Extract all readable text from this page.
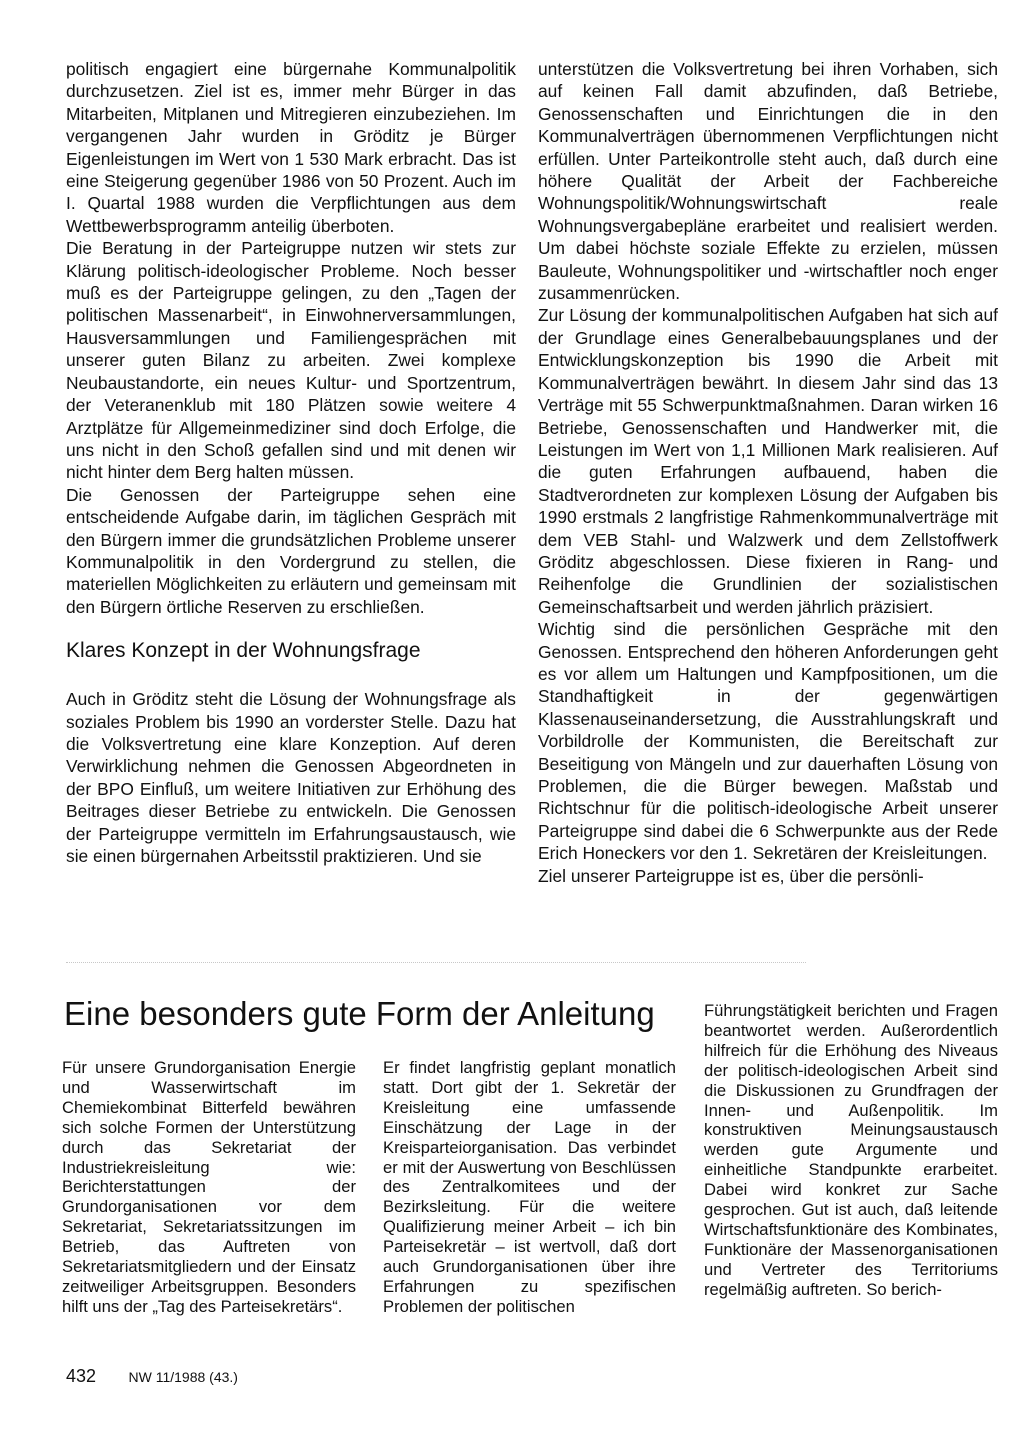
politisch engagiert eine bürgernahe Kommunalpolitik durchzusetzen. Ziel ist es, immer mehr Bürger in das Mitarbeiten, Mitplanen und Mitregieren einzubeziehen. Im vergangenen Jahr wurden in Gröditz je Bürger Eigenleistungen im Wert von 1 530 Mark erbracht. Das ist eine Steigerung gegenüber 1986 von 50 Prozent. Auch im I. Quartal 1988 wurden die Verpflichtungen aus dem Wettbewerbsprogramm anteilig überboten.

Die Beratung in der Parteigruppe nutzen wir stets zur Klärung politisch-ideologischer Probleme. Noch besser muß es der Parteigruppe gelingen, zu den „Tagen der politischen Massenarbeit“, in Einwohnerversammlungen, Hausversammlungen und Familiengesprächen mit unserer guten Bilanz zu arbeiten. Zwei komplexe Neubaustandorte, ein neues Kultur- und Sportzentrum, der Veteranenklub mit 180 Plätzen sowie weitere 4 Arztplätze für Allgemeinmediziner sind doch Erfolge, die uns nicht in den Schoß gefallen sind und mit denen wir nicht hinter dem Berg halten müssen.

Die Genossen der Parteigruppe sehen eine entscheidende Aufgabe darin, im täglichen Gespräch mit den Bürgern immer die grundsätzlichen Probleme unserer Kommunalpolitik in den Vordergrund zu stellen, die materiellen Möglichkeiten zu erläutern und gemeinsam mit den Bürgern örtliche Reserven zu erschließen.

Klares Konzept in der Wohnungsfrage

Auch in Gröditz steht die Lösung der Wohnungsfrage als soziales Problem bis 1990 an vorderster Stelle. Dazu hat die Volksvertretung eine klare Konzeption. Auf deren Verwirklichung nehmen die Genossen Abgeordneten in der BPO Einfluß, um weitere Initiativen zur Erhöhung des Beitrages dieser Betriebe zu entwickeln. Die Genossen der Parteigruppe vermitteln im Erfahrungsaustausch, wie sie einen bürgernahen Arbeitsstil praktizieren. Und sie

unterstützen die Volksvertretung bei ihren Vorhaben, sich auf keinen Fall damit abzufinden, daß Betriebe, Genossenschaften und Einrichtungen die in den Kommunalverträgen übernommenen Verpflichtungen nicht erfüllen. Unter Parteikontrolle steht auch, daß durch eine höhere Qualität der Arbeit der Fachbereiche Wohnungspolitik/Wohnungswirtschaft reale Wohnungsvergabepläne erarbeitet und realisiert werden. Um dabei höchste soziale Effekte zu erzielen, müssen Bauleute, Wohnungspolitiker und -wirtschaftler noch enger zusammenrücken.

Zur Lösung der kommunalpolitischen Aufgaben hat sich auf der Grundlage eines Generalbebauungsplanes und der Entwicklungskonzeption bis 1990 die Arbeit mit Kommunalverträgen bewährt. In diesem Jahr sind das 13 Verträge mit 55 Schwerpunktmaßnahmen. Daran wirken 16 Betriebe, Genossenschaften und Handwerker mit, die Leistungen im Wert von 1,1 Millionen Mark realisieren. Auf die guten Erfahrungen aufbauend, haben die Stadtverordneten zur komplexen Lösung der Aufgaben bis 1990 erstmals 2 langfristige Rahmenkommunalverträge mit dem VEB Stahl- und Walzwerk und dem Zellstoffwerk Gröditz abgeschlossen. Diese fixieren in Rang- und Reihenfolge die Grundlinien der sozialistischen Gemeinschaftsarbeit und werden jährlich präzisiert.

Wichtig sind die persönlichen Gespräche mit den Genossen. Entsprechend den höheren Anforderungen geht es vor allem um Haltungen und Kampfpositionen, um die Standhaftigkeit in der gegenwärtigen Klassenauseinandersetzung, die Ausstrahlungskraft und Vorbildrolle der Kommunisten, die Bereitschaft zur Beseitigung von Mängeln und zur dauerhaften Lösung von Problemen, die die Bürger bewegen. Maßstab und Richtschnur für die politisch-ideologische Arbeit unserer Parteigruppe sind dabei die 6 Schwerpunkte aus der Rede Erich Honeckers vor den 1. Sekretären der Kreisleitungen.

Ziel unserer Parteigruppe ist es, über die persönli-

Eine besonders gute Form der Anleitung

Für unsere Grundorganisation Energie und Wasserwirtschaft im Chemiekombinat Bitterfeld bewähren sich solche Formen der Unterstützung durch das Sekretariat der Industriekreisleitung wie: Berichterstattungen der Grundorganisationen vor dem Sekretariat, Sekretariatssitzungen im Betrieb, das Auftreten von Sekretariatsmitgliedern und der Einsatz zeitweiliger Arbeitsgruppen. Besonders hilft uns der „Tag des Parteisekretärs“.

Er findet langfristig geplant monatlich statt. Dort gibt der 1. Sekretär der Kreisleitung eine umfassende Einschätzung der Lage in der Kreisparteiorganisation. Das verbindet er mit der Auswertung von Beschlüssen des Zentralkomitees und der Bezirksleitung. Für die weitere Qualifizierung meiner Arbeit – ich bin Parteisekretär – ist wertvoll, daß dort auch Grundorganisationen über ihre Erfahrungen zu spezifischen Problemen der politischen

Führungstätigkeit berichten und Fragen beantwortet werden. Außerordentlich hilfreich für die Erhöhung des Niveaus der politisch-ideologischen Arbeit sind die Diskussionen zu Grundfragen der Innen- und Außenpolitik. Im konstruktiven Meinungsaustausch werden gute Argumente und einheitliche Standpunkte erarbeitet. Dabei wird konkret zur Sache gesprochen. Gut ist auch, daß leitende Wirtschaftsfunktionäre des Kombinates, Funktionäre der Massenorganisationen und Vertreter des Territoriums regelmäßig auftreten. So berich-

432 NW 11/1988 (43.)
